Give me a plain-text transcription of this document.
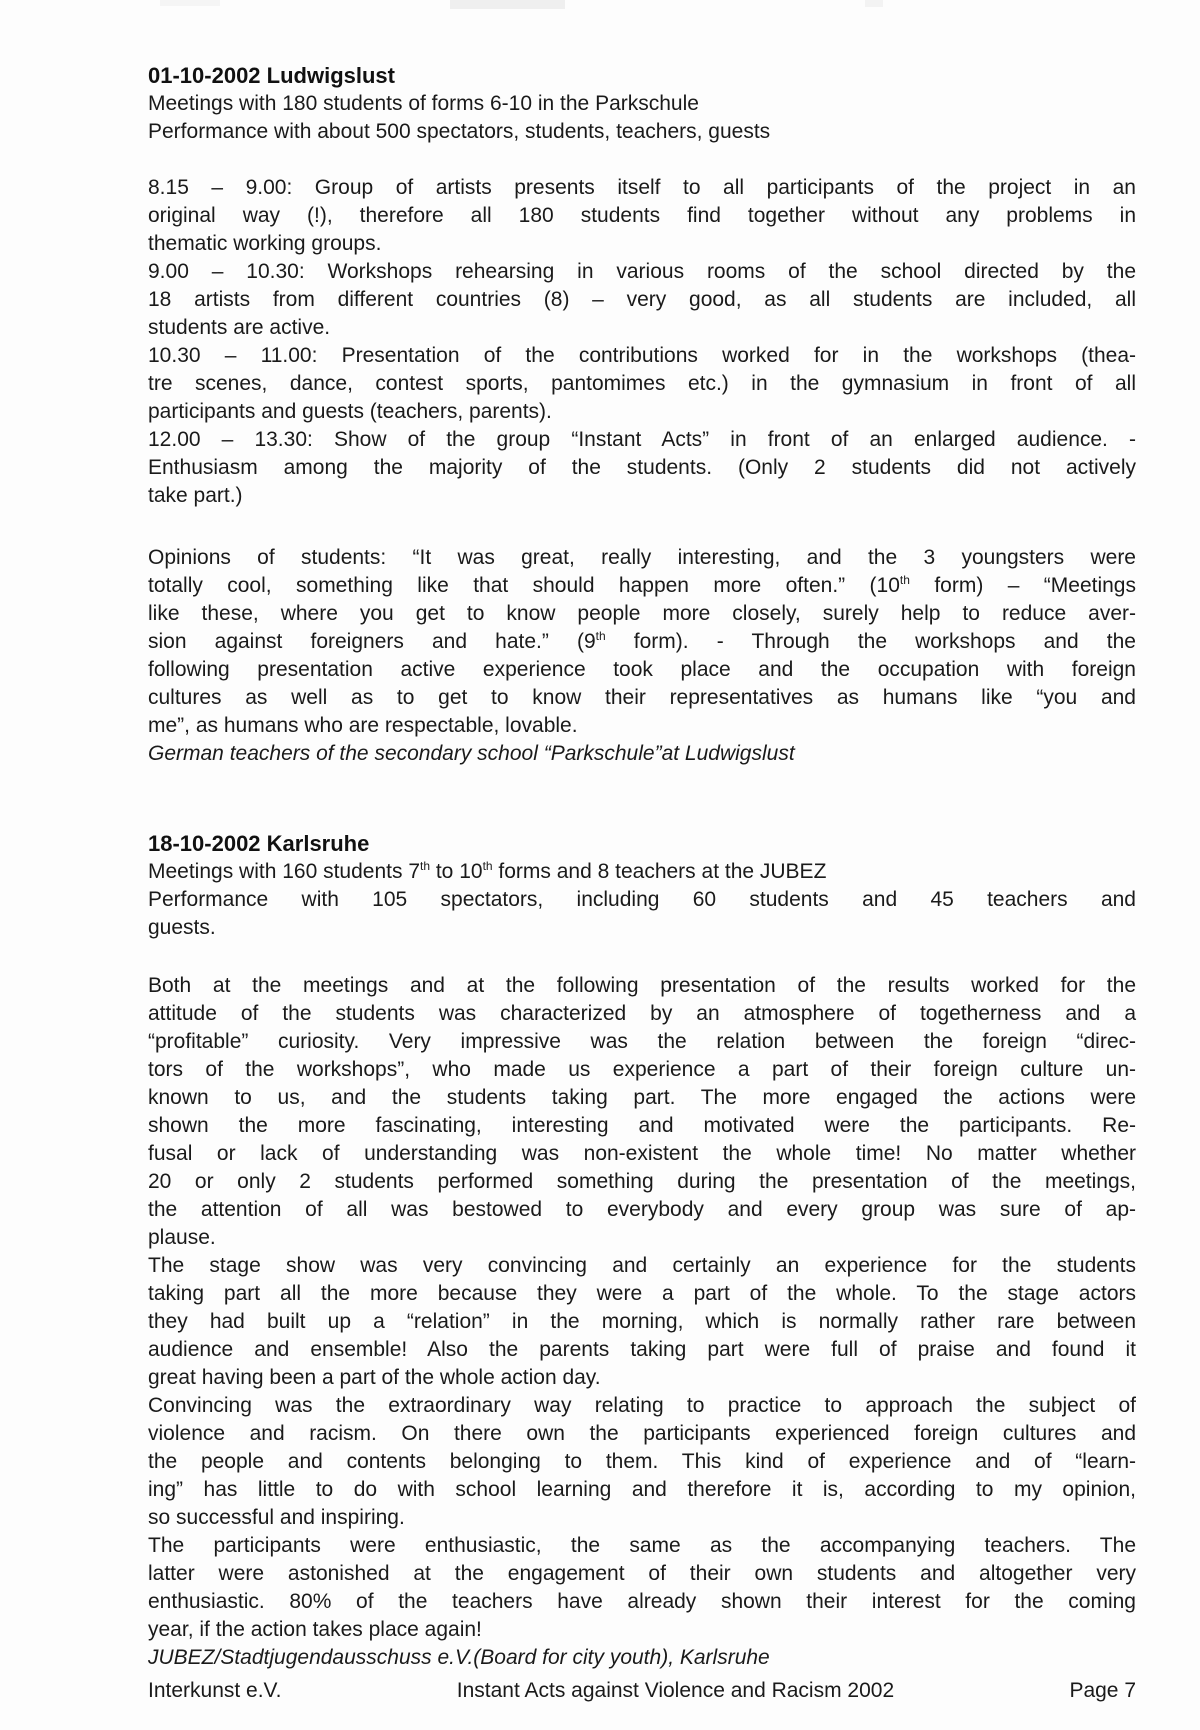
01-10-2002 Ludwigslust
Meetings with 180 students of forms 6-10 in the Parkschule
Performance with about 500 spectators, students, teachers, guests
8.15 – 9.00: Group of artists presents itself to all participants of the project in an
original way (!), therefore all 180 students find together without any problems in
thematic working groups.
9.00 – 10.30: Workshops rehearsing in various rooms of the school directed by the
18 artists from different countries (8) – very good, as all students are included, all
students are active.
10.30 – 11.00: Presentation of the contributions worked for in the workshops (thea-
tre scenes, dance, contest sports, pantomimes etc.) in the gymnasium in front of all
participants and guests (teachers, parents).
12.00 – 13.30: Show of the group “Instant Acts” in front of an enlarged audience. -
Enthusiasm among the majority of the students. (Only 2 students did not actively
take part.)
Opinions of students: “It was great, really interesting, and the 3 youngsters were
totally cool, something like that should happen more often.” (10th form) – “Meetings
like these, where you get to know people more closely, surely help to reduce aver-
sion against foreigners and hate.” (9th form). - Through the workshops and the
following presentation active experience took place and the occupation with foreign
cultures as well as to get to know their representatives as humans like “you and
me”, as humans who are respectable, lovable.
German teachers of the secondary school “Parkschule”at Ludwigslust
18-10-2002 Karlsruhe
Meetings with 160 students 7th to 10th forms and 8 teachers at the JUBEZ
Performance with 105 spectators, including 60 students and 45 teachers and
guests.
Both at the meetings and at the following presentation of the results worked for the
attitude of the students was characterized by an atmosphere of togetherness and a
“profitable” curiosity. Very impressive was the relation between the foreign “direc-
tors of the workshops”, who made us experience a part of their foreign culture un-
known to us, and the students taking part. The more engaged the actions were
shown the more fascinating, interesting and motivated were the participants. Re-
fusal or lack of understanding was non-existent the whole time! No matter whether
20 or only 2 students performed something during the presentation of the meetings,
the attention of all was bestowed to everybody and every group was sure of ap-
plause.
The stage show was very convincing and certainly an experience for the students
taking part all the more because they were a part of the whole. To the stage actors
they had built up a “relation” in the morning, which is normally rather rare between
audience and ensemble! Also the parents taking part were full of praise and found it
great having been a part of the whole action day.
Convincing was the extraordinary way relating to practice to approach the subject of
violence and racism. On there own the participants experienced foreign cultures and
the people and contents belonging to them. This kind of experience and of “learn-
ing” has little to do with school learning and therefore it is, according to my opinion,
so successful and inspiring.
The participants were enthusiastic, the same as the accompanying teachers. The
latter were astonished at the engagement of their own students and altogether very
enthusiastic. 80% of the teachers have already shown their interest for the coming
year, if the action takes place again!
JUBEZ/Stadtjugendausschuss e.V.(Board for city youth), Karlsruhe
Interkunst e.V.	Instant Acts against Violence and Racism 2002	Page 7
